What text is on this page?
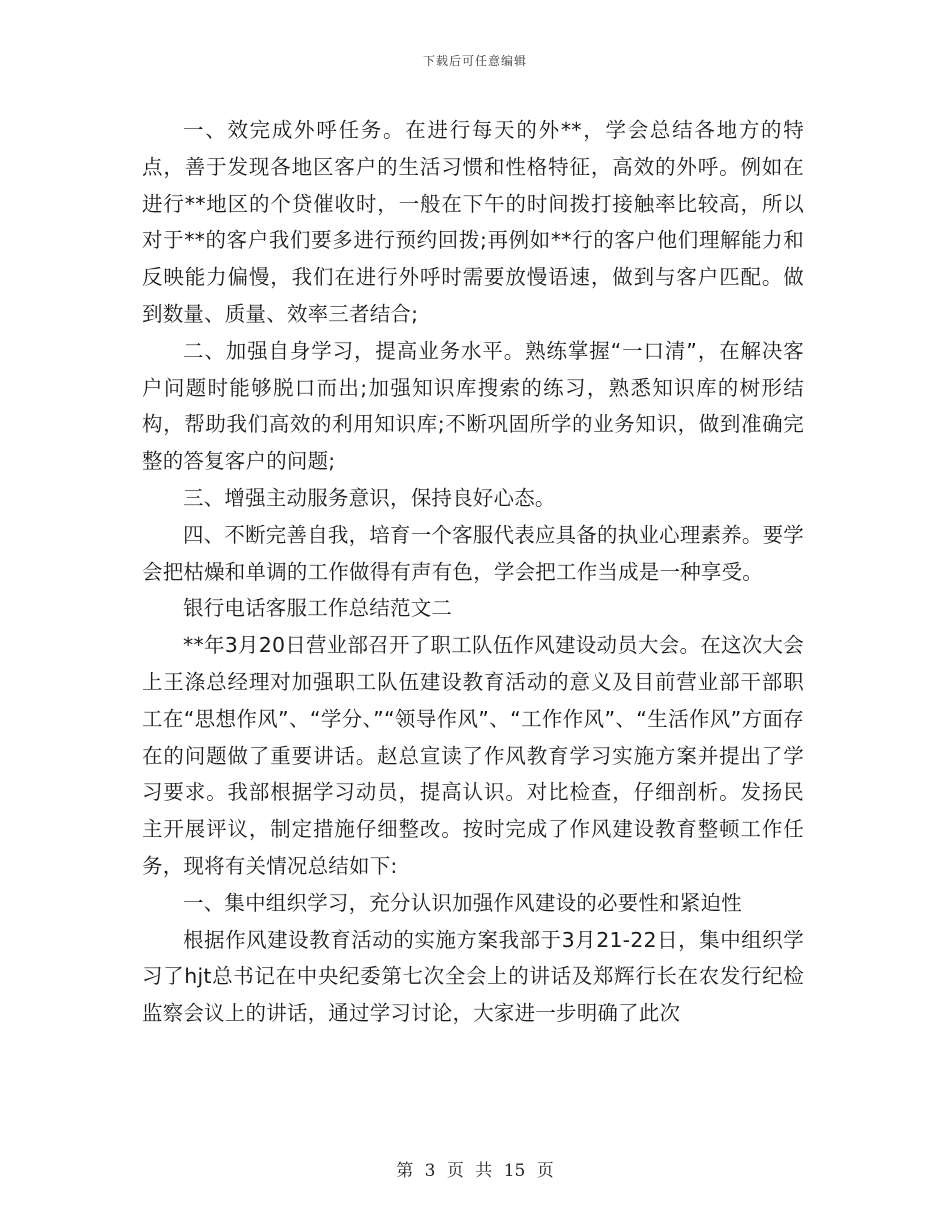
下载后可任意编辑

一、效完成外呼任务。在进行每天的外**，学会总结各地方的特点，善于发现各地区客户的生活习惯和性格特征，高效的外呼。例如在进行**地区的个贷催收时，一般在下午的时间拨打接触率比较高，所以对于**的客户我们要多进行预约回拨;再例如**行的客户他们理解能力和反映能力偏慢，我们在进行外呼时需要放慢语速，做到与客户匹配。做到数量、质量、效率三者结合;

二、加强自身学习，提高业务水平。熟练掌握“一口清”，在解决客户问题时能够脱口而出;加强知识库搜索的练习，熟悉知识库的树形结构，帮助我们高效的利用知识库;不断巩固所学的业务知识，做到准确完整的答复客户的问题;

三、增强主动服务意识，保持良好心态。

四、不断完善自我，培育一个客服代表应具备的执业心理素养。要学会把枯燥和单调的工作做得有声有色，学会把工作当成是一种享受。

银行电话客服工作总结范文二

**年3月20日营业部召开了职工队伍作风建设动员大会。在这次大会上王涤总经理对加强职工队伍建设教育活动的意义及目前营业部干部职工在“思想作风”、“学分、”“领导作风”、“工作作风”、“生活作风”方面存在的问题做了重要讲话。赵总宣读了作风教育学习实施方案并提出了学习要求。我部根据学习动员，提高认识。对比检查，仔细剖析。发扬民主开展评议，制定措施仔细整改。按时完成了作风建设教育整顿工作任务，现将有关情况总结如下:

一、集中组织学习，充分认识加强作风建设的必要性和紧迫性

根据作风建设教育活动的实施方案我部于3月21-22日，集中组织学习了hjt总书记在中央纪委第七次全会上的讲话及郑辉行长在农发行纪检监察会议上的讲话，通过学习讨论，大家进一步明确了此次

第 3 页 共 15 页
